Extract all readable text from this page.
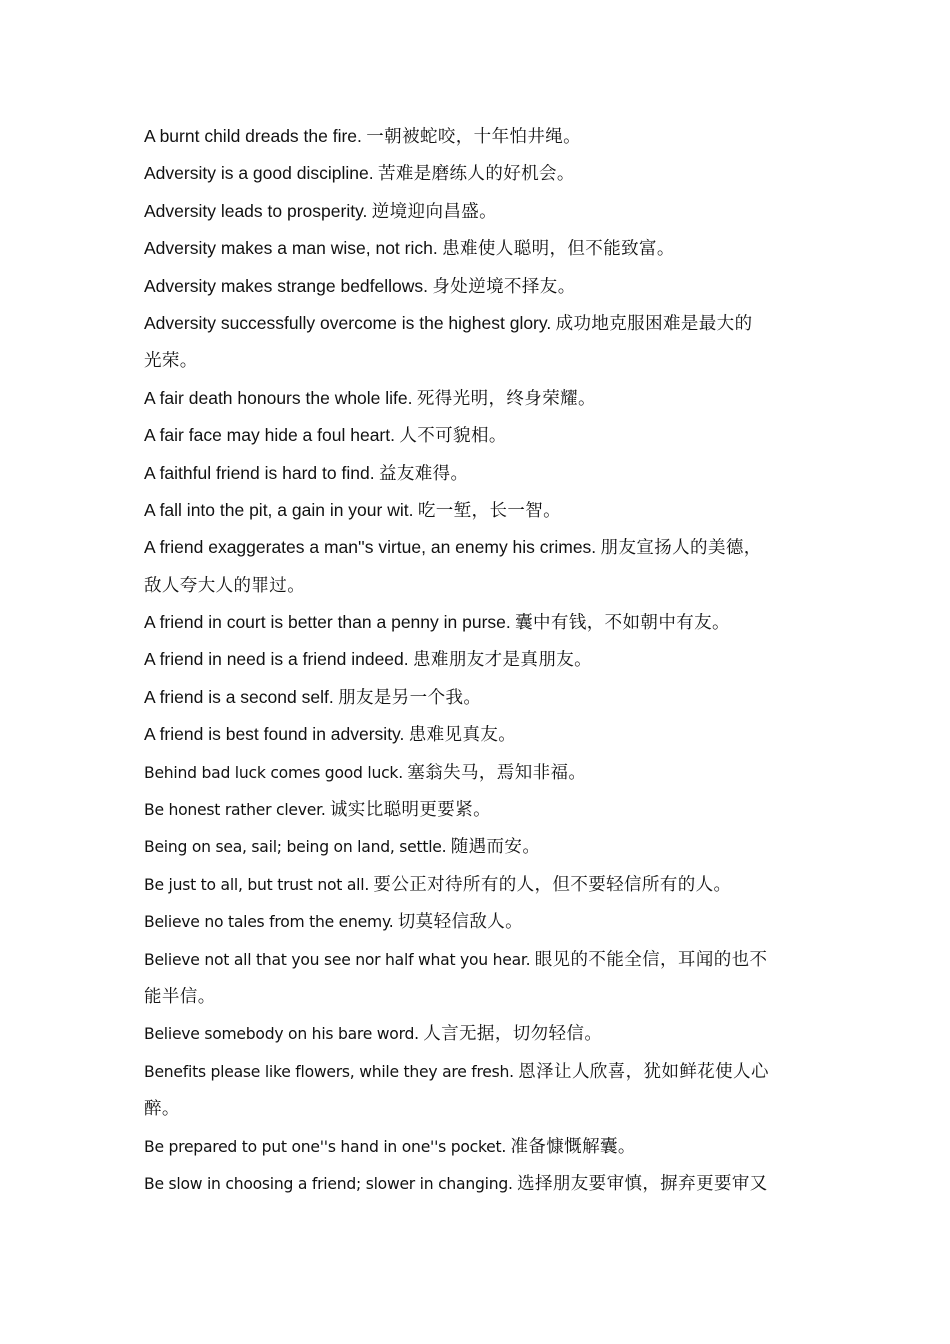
A burnt child dreads the fire. 一朝被蛇咬，十年怕井绳。
Adversity is a good discipline. 苦难是磨练人的好机会。
Adversity leads to prosperity. 逆境迎向昌盛。
Adversity makes a man wise, not rich. 患难使人聪明，但不能致富。
Adversity makes strange bedfellows. 身处逆境不择友。
Adversity successfully overcome is the highest glory. 成功地克服困难是最大的
光荣。
A fair death honours the whole life. 死得光明，终身荣耀。
A fair face may hide a foul heart. 人不可貌相。
A faithful friend is hard to find. 益友难得。
A fall into the pit, a gain in your wit. 吃一堑，长一智。
A friend exaggerates a man''s virtue, an enemy his crimes. 朋友宣扬人的美德，
敌人夸大人的罪过。
A friend in court is better than a penny in purse. 囊中有钱，不如朝中有友。
A friend in need is a friend indeed. 患难朋友才是真朋友。
A friend is a second self. 朋友是另一个我。
A friend is best found in adversity. 患难见真友。
Behind bad luck comes good luck. 塞翁失马，焉知非福。
Be honest rather clever. 诚实比聪明更要紧。
Being on sea, sail; being on land, settle. 随遇而安。
Be just to all, but trust not all. 要公正对待所有的人，但不要轻信所有的人。
Believe no tales from the enemy. 切莫轻信敌人。
Believe not all that you see nor half what you hear. 眼见的不能全信，耳闻的也不
能半信。
Believe somebody on his bare word. 人言无据，切勿轻信。
Benefits please like flowers, while they are fresh. 恩泽让人欣喜，犹如鲜花使人心
醉。
Be prepared to put one''s hand in one''s pocket. 准备慷慨解囊。
Be slow in choosing a friend; slower in changing. 选择朋友要审慎，摒弃更要审又
